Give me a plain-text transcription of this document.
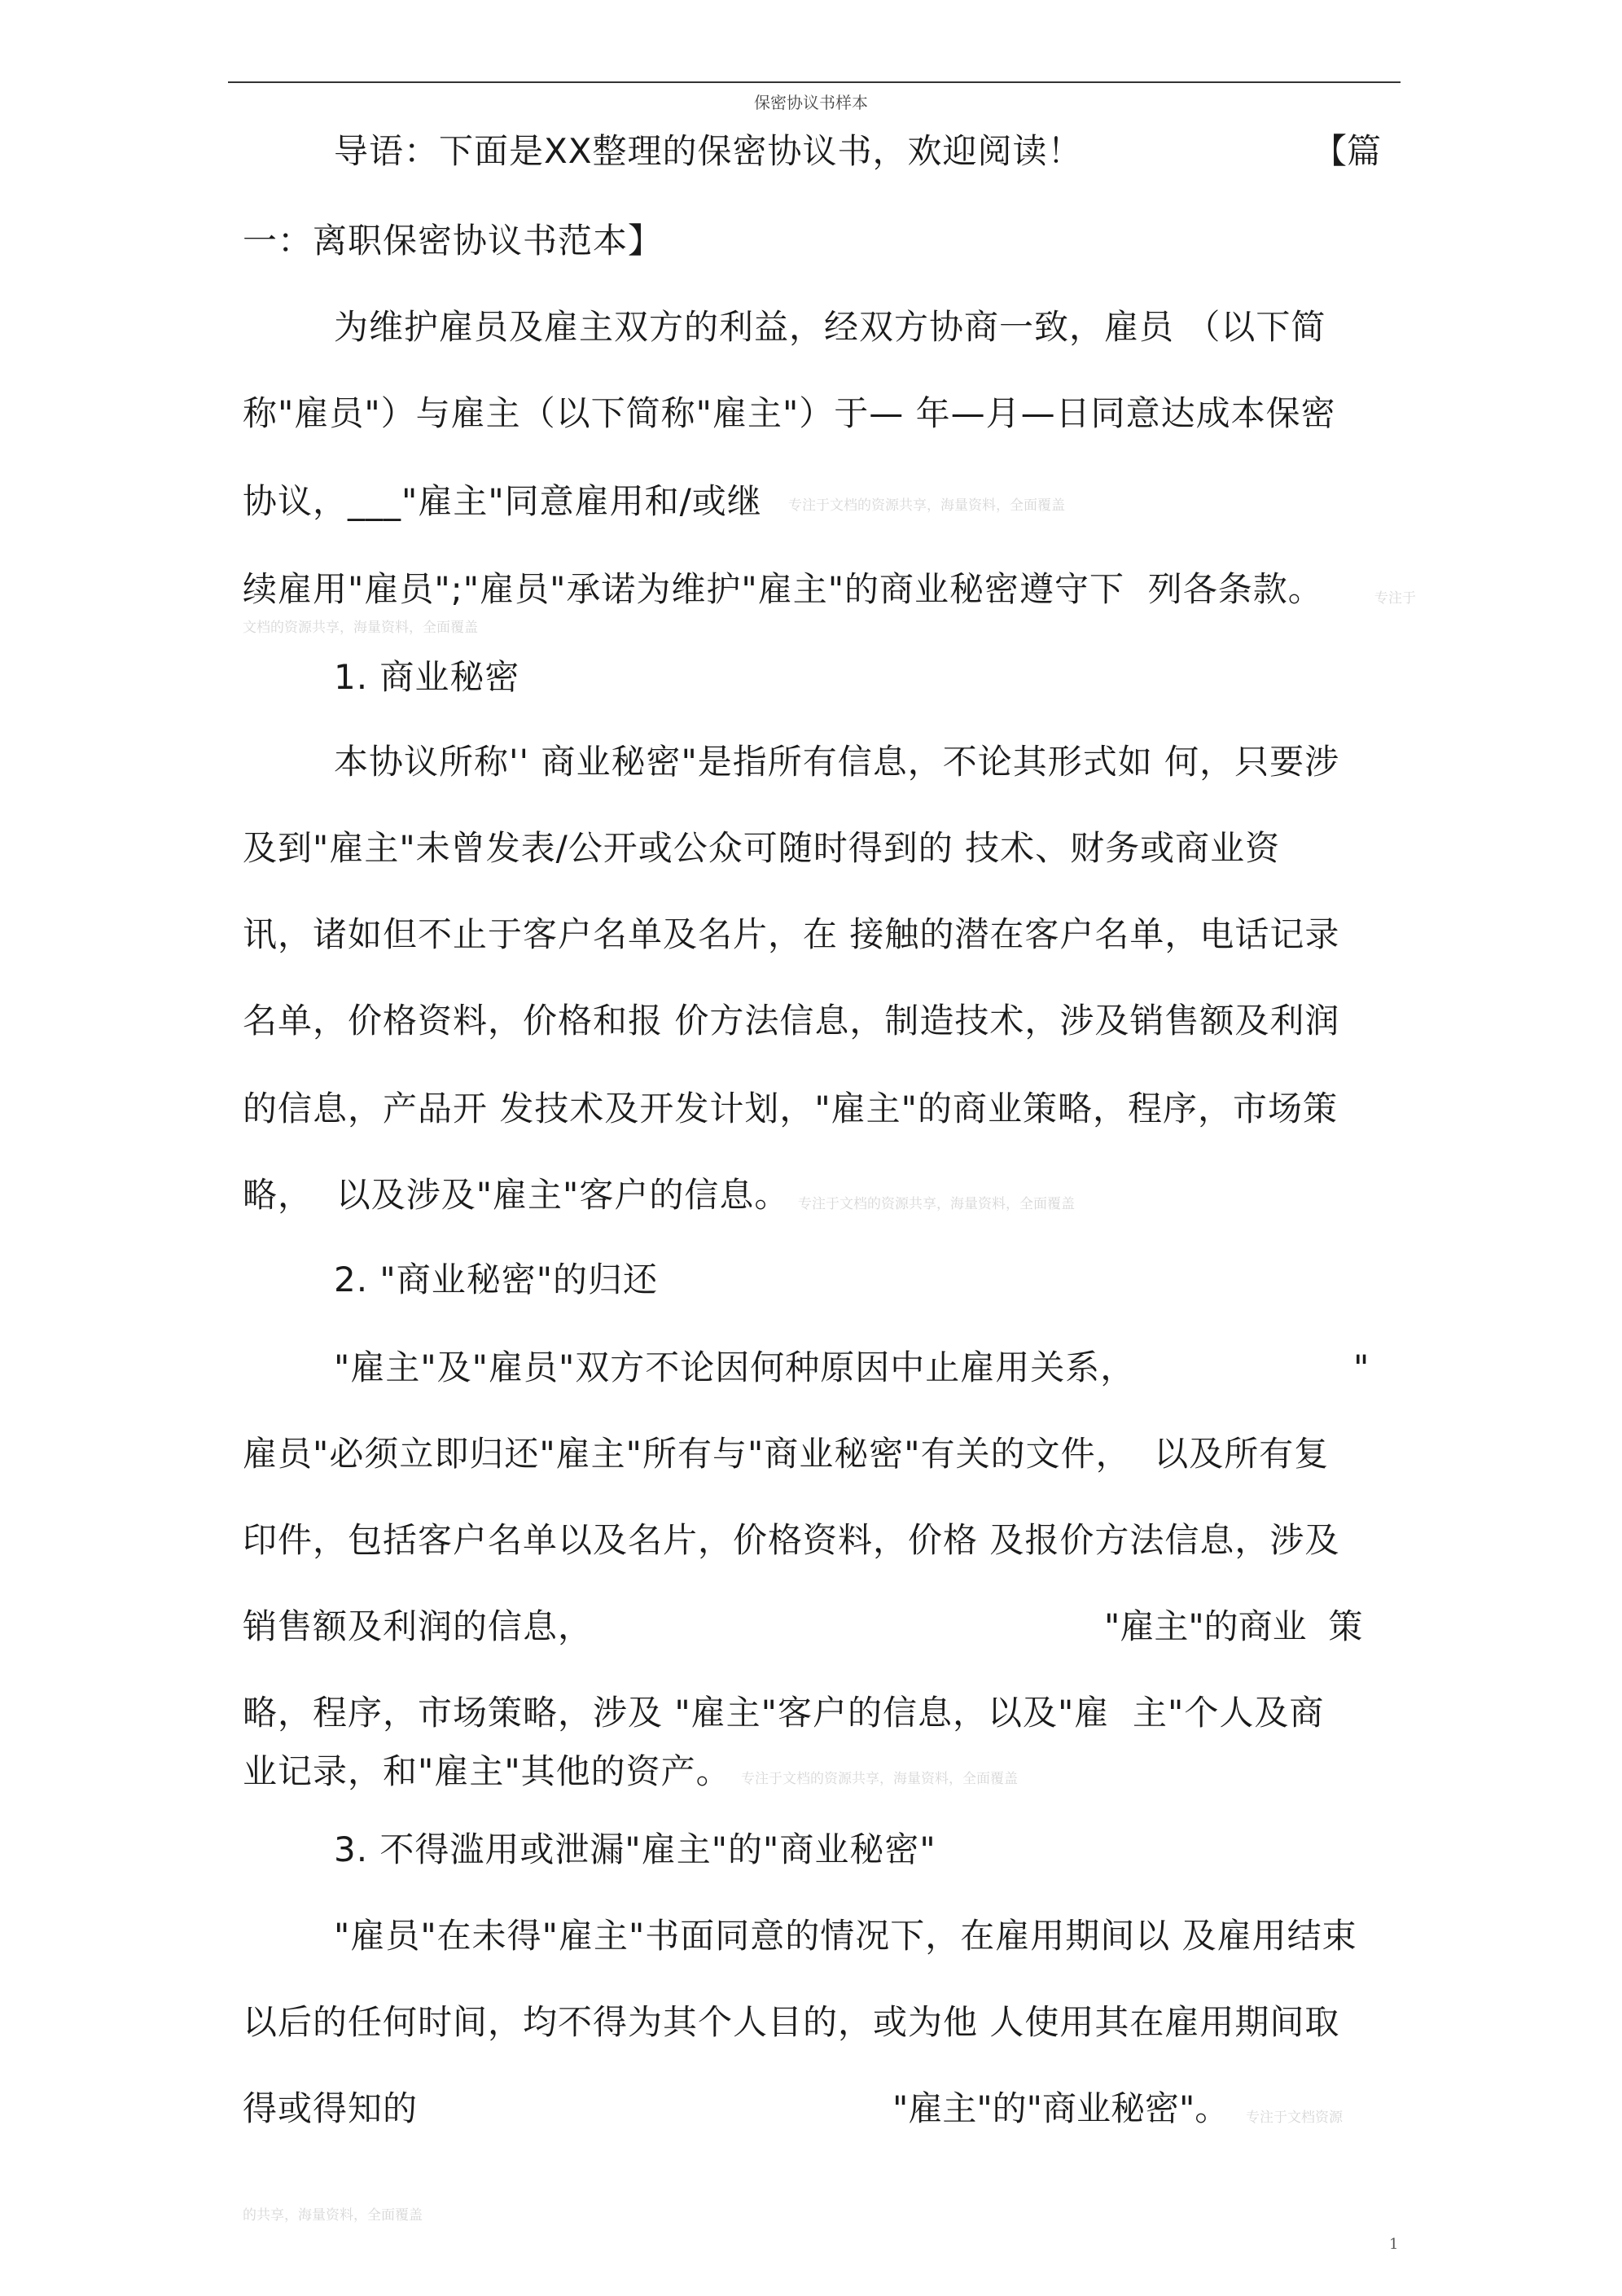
保密协议书样本
导语：下面是XX整理的保密协议书，欢迎阅读！	【篇
一：离职保密协议书范本】
为维护雇员及雇主双方的利益，经双方协商一致，雇员 （以下简
称"雇员"）与雇主（以下简称"雇主"）于— 年—月—日同意达成本保密
协议，___"雇主"同意雇用和/或继 专注于文档的资源共享，海量资料，全面覆盖
续雇用"雇员";"雇员"承诺为维护"雇主"的商业秘密遵守下  列各条款。	专注于
文档的资源共享，海量资料，全面覆盖
1. 商业秘密
本协议所称'' 商业秘密"是指所有信息，不论其形式如 何，只要涉
及到"雇主"未曾发表/公开或公众可随时得到的 技术、财务或商业资
讯，诸如但不止于客户名单及名片，在 接触的潜在客户名单，电话记录
名单，价格资料，价格和报 价方法信息，制造技术，涉及销售额及利润
的信息，产品开 发技术及开发计划，"雇主"的商业策略，程序，市场策
略，  以及涉及"雇主"客户的信息。 专注于文档的资源共享，海量资料，全面覆盖
2. "商业秘密"的归还
"雇主"及"雇员"双方不论因何种原因中止雇用关系，	"
雇员"必须立即归还"雇主"所有与"商业秘密"有关的文件，  以及所有复
印件，包括客户名单以及名片，价格资料，价格 及报价方法信息，涉及
销售额及利润的信息，	"雇主"的商业  策
略，程序，市场策略，涉及 "雇主"客户的信息，以及"雇  主"个人及商
业记录，和"雇主"其他的资产。 专注于文档的资源共享，海量资料，全面覆盖
3. 不得滥用或泄漏"雇主"的"商业秘密"
"雇员"在未得"雇主"书面同意的情况下，在雇用期间以 及雇用结束
以后的任何时间，均不得为其个人目的，或为他 人使用其在雇用期间取
得或得知的	"雇主"的"商业秘密"。 专注于文档资源
的共享，海量资料，全面覆盖
1
